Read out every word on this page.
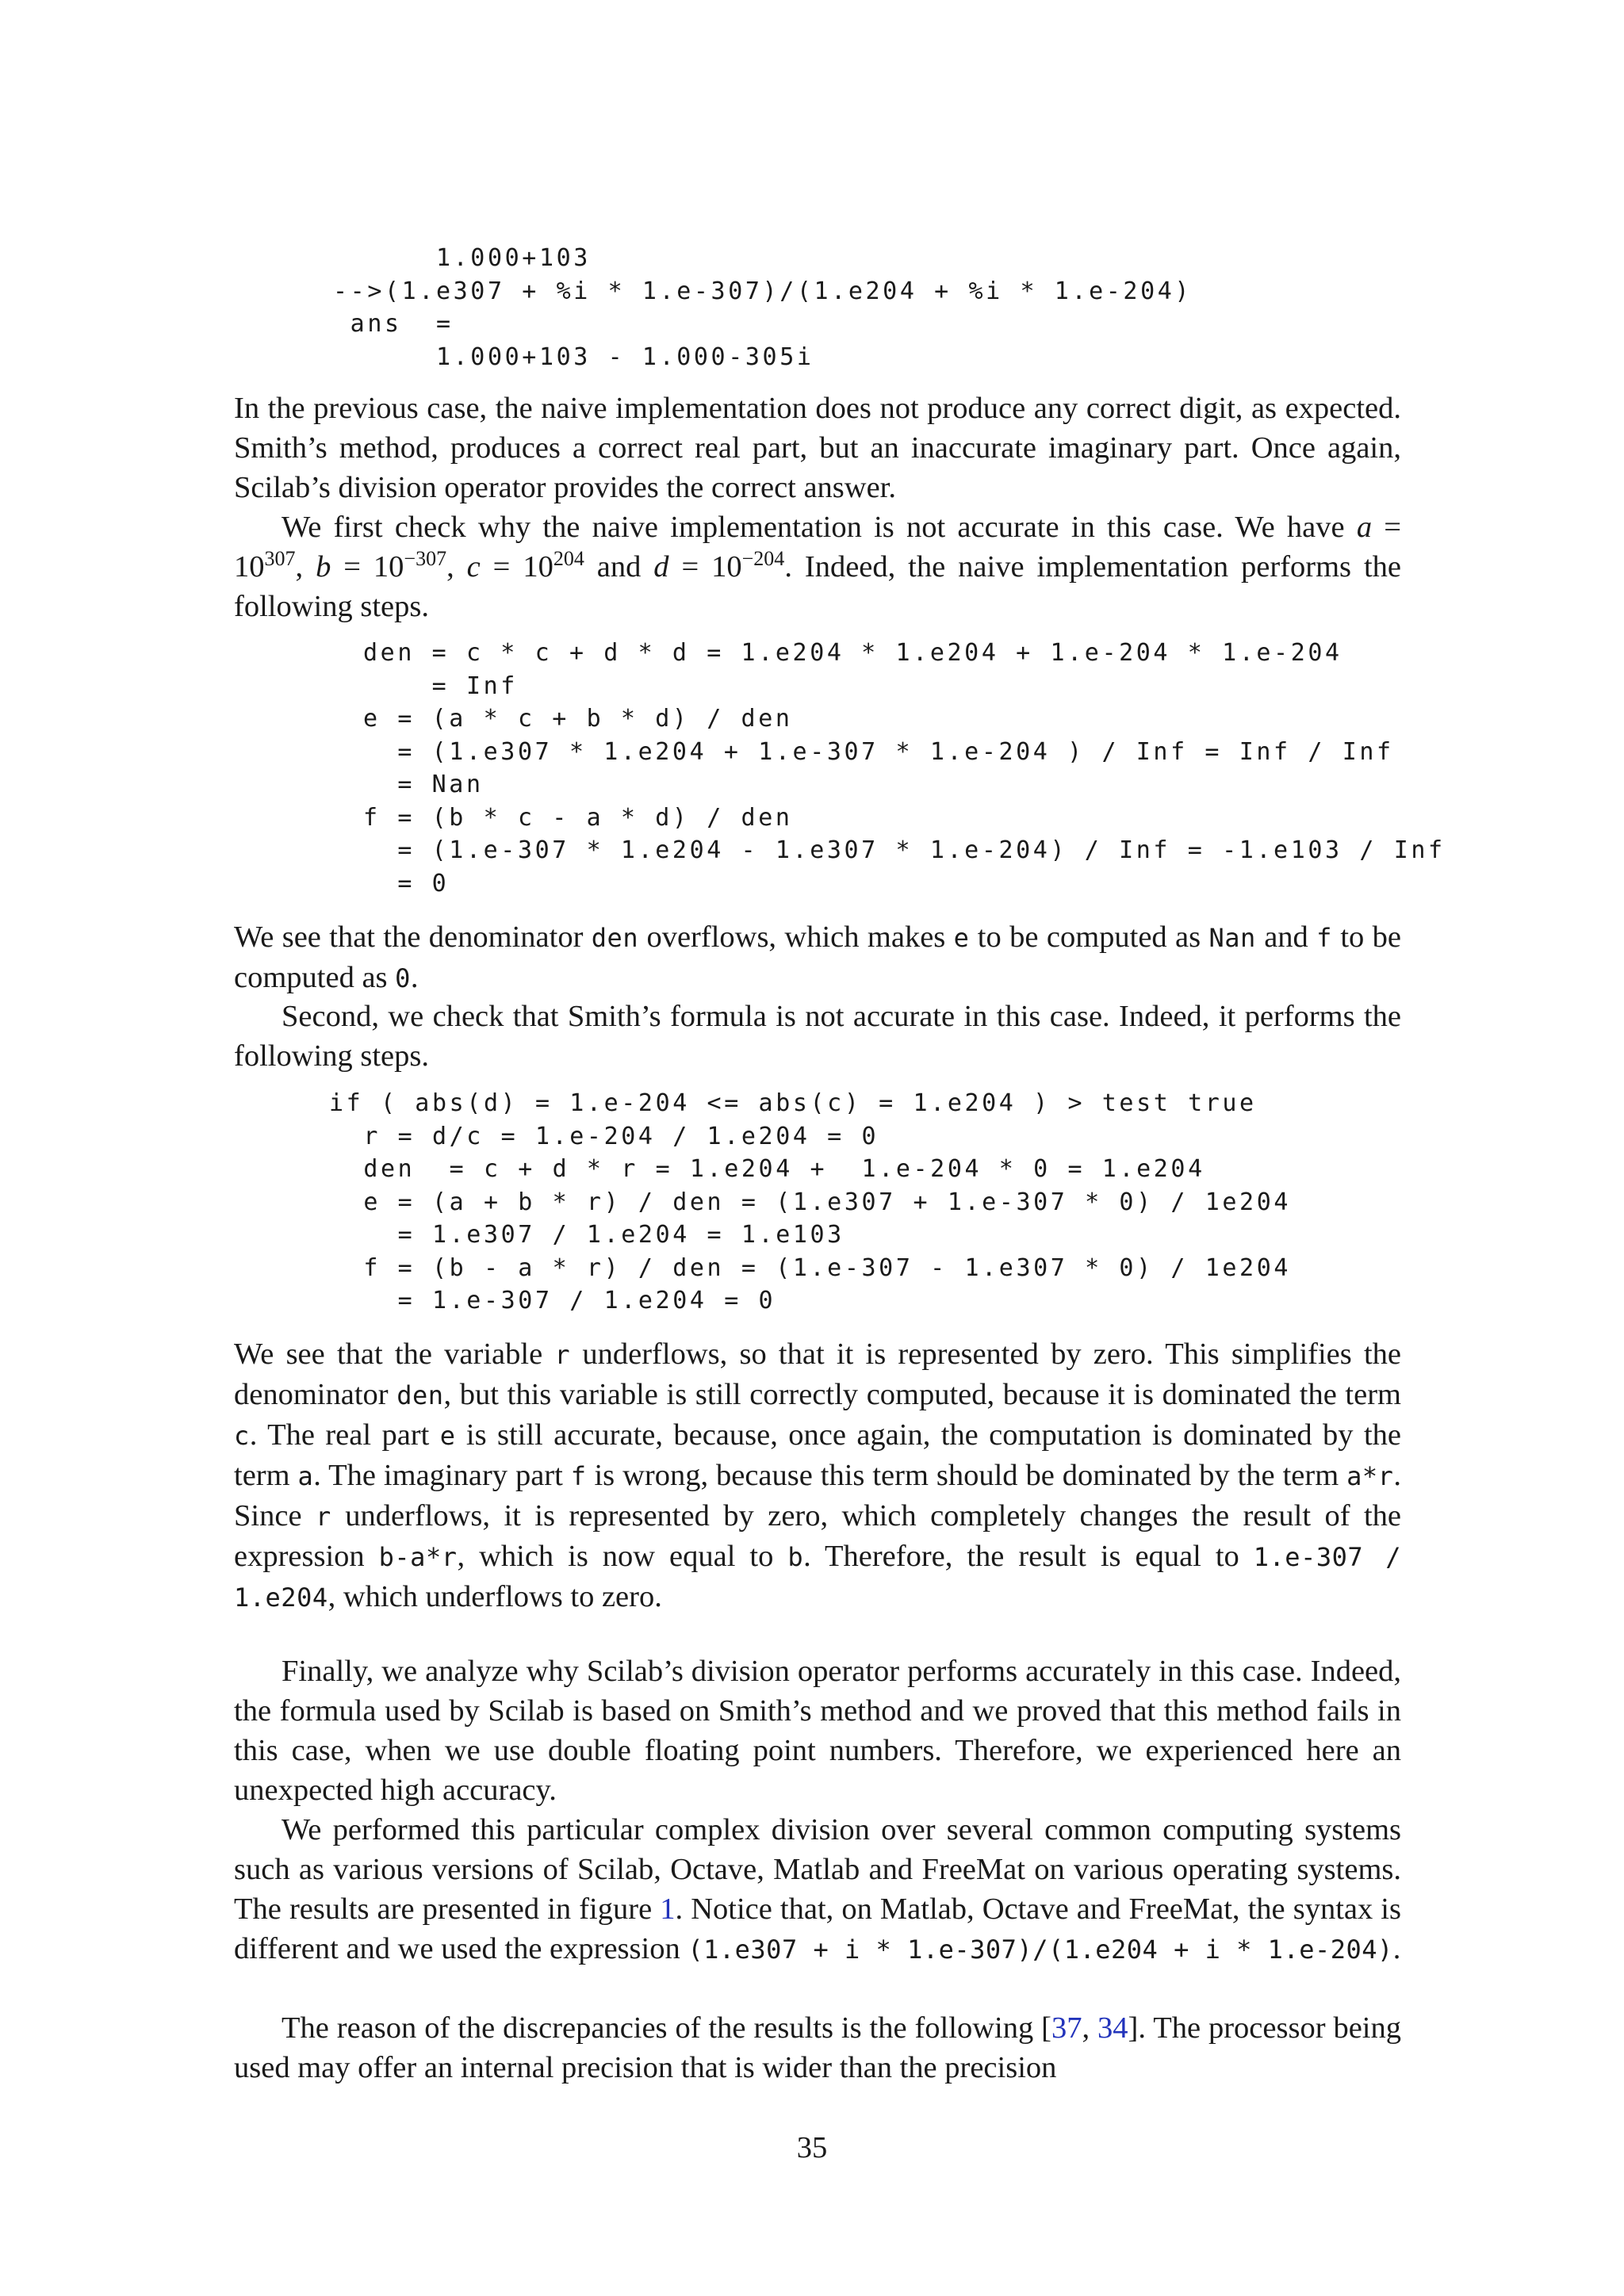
1.000+103
-->(1.e307 + %i * 1.e-307)/(1.e204 + %i * 1.e-204)
ans  =
1.000+103 - 1.000-305i

In the previous case, the naive implementation does not produce any correct digit, as expected. Smith’s method, produces a correct real part, but an inaccurate imaginary part. Once again, Scilab’s division operator provides the correct answer.

We first check why the naive implementation is not accurate in this case. We have $a = 10^{307}$, $b = 10^{-307}$, $c = 10^{204}$ and $d = 10^{-204}$. Indeed, the naive implementation performs the following steps.

den = c * c + d * d = 1.e204 * 1.e204 + 1.e-204 * 1.e-204
= Inf
e = (a * c + b * d) / den
= (1.e307 * 1.e204 + 1.e-307 * 1.e-204 ) / Inf = Inf / Inf
= Nan
f = (b * c - a * d) / den
= (1.e-307 * 1.e204 - 1.e307 * 1.e-204) / Inf = -1.e103 / Inf
= 0

We see that the denominator den overflows, which makes e to be computed as Nan and f to be computed as 0.

Second, we check that Smith’s formula is not accurate in this case. Indeed, it performs the following steps.

if ( abs(d) = 1.e-204 <= abs(c) = 1.e204 ) > test true
r = d/c = 1.e-204 / 1.e204 = 0
den  = c + d * r = 1.e204 +  1.e-204 * 0 = 1.e204
e = (a + b * r) / den = (1.e307 + 1.e-307 * 0) / 1e204
= 1.e307 / 1.e204 = 1.e103
f = (b - a * r) / den = (1.e-307 - 1.e307 * 0) / 1e204
= 1.e-307 / 1.e204 = 0

We see that the variable r underflows, so that it is represented by zero. This simplifies the denominator den, but this variable is still correctly computed, because it is dominated the term c. The real part e is still accurate, because, once again, the computation is dominated by the term a. The imaginary part f is wrong, because this term should be dominated by the term a*r. Since r underflows, it is represented by zero, which completely changes the result of the expression b-a*r, which is now equal to b. Therefore, the result is equal to 1.e-307 / 1.e204, which underflows to zero.

Finally, we analyze why Scilab’s division operator performs accurately in this case. Indeed, the formula used by Scilab is based on Smith’s method and we proved that this method fails in this case, when we use double floating point numbers. Therefore, we experienced here an unexpected high accuracy.

We performed this particular complex division over several common computing systems such as various versions of Scilab, Octave, Matlab and FreeMat on various operating systems. The results are presented in figure 1. Notice that, on Matlab, Octave and FreeMat, the syntax is different and we used the expression (1.e307 + i * 1.e-307)/(1.e204 + i * 1.e-204).

The reason of the discrepancies of the results is the following [37, 34]. The processor being used may offer an internal precision that is wider than the precision

35
